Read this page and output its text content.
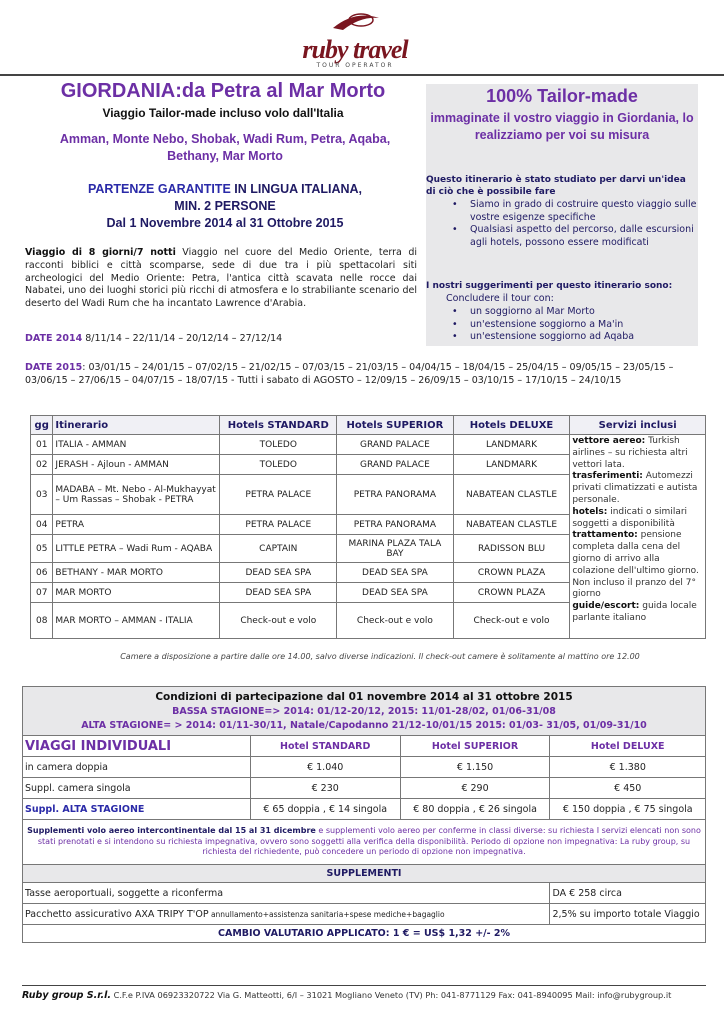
ruby travel
TOUR OPERATOR
GIORDANIA:da Petra al Mar Morto
Viaggio Tailor-made incluso volo dall'Italia
Amman, Monte Nebo, Shobak, Wadi Rum, Petra, Aqaba, Bethany, Mar Morto
PARTENZE GARANTITE IN LINGUA ITALIANA,
MIN. 2 PERSONE
Dal 1 Novembre 2014 al 31 Ottobre 2015
Viaggio di 8 giorni/7 notti Viaggio nel cuore del Medio Oriente, terra di racconti biblici e città scomparse, sede di due tra i più spettacolari siti archeologici del Medio Oriente: Petra, l'antica città scavata nelle rocce dai Nabatei, uno dei luoghi storici più ricchi di atmosfera e lo strabiliante scenario del deserto del Wadi Rum che ha incantato Lawrence d'Arabia.
DATE 2014 8/11/14 – 22/11/14 – 20/12/14 – 27/12/14
DATE 2015: 03/01/15 – 24/01/15 – 07/02/15 – 21/02/15 – 07/03/15 – 21/03/15 – 04/04/15 – 18/04/15 – 25/04/15 – 09/05/15 – 23/05/15 – 03/06/15 – 27/06/15 – 04/07/15 – 18/07/15 - Tutti i sabato di AGOSTO – 12/09/15 – 26/09/15 – 03/10/15 – 17/10/15 – 24/10/15
100% Tailor-made
immaginate il vostro viaggio in Giordania, lo realizziamo per voi su misura
Questo itinerario è stato studiato per darvi un'idea di ciò che è possibile fare
• Siamo in grado di costruire questo viaggio sulle vostre esigenze specifiche
• Qualsiasi aspetto del percorso, dalle escursioni agli hotels, possono essere modificati
I nostri suggerimenti per questo itinerario sono:
Concludere il tour con:
• un soggiorno al Mar Morto
• un'estensione soggiorno a Ma'in
• un'estensione soggiorno ad Aqaba
gg	Itinerario	Hotels STANDARD	Hotels SUPERIOR	Hotels DELUXE	Servizi inclusi
01	ITALIA - AMMAN	TOLEDO	GRAND PALACE	LANDMARK	vettore aereo: Turkish airlines – su richiesta altri vettori lata.
trasferimenti: Automezzi privati climatizzati e autista personale.
hotels: indicati o similari soggetti a disponibilità
trattamento: pensione completa dalla cena del giorno di arrivo alla colazione dell'ultimo giorno. Non incluso il pranzo del 7° giorno
guide/escort: guida locale parlante italiano
02	JERASH - Ajloun - AMMAN	TOLEDO	GRAND PALACE	LANDMARK	
03	MADABA – Mt. Nebo - Al-Mukhayyat – Um Rassas – Shobak - PETRA	PETRA PALACE	PETRA PANORAMA	NABATEAN CLASTLE	
04	PETRA	PETRA PALACE	PETRA PANORAMA	NABATEAN CLASTLE	
05	LITTLE PETRA – Wadi Rum - AQABA	CAPTAIN	MARINA PLAZA TALA BAY	RADISSON BLU	
06	BETHANY - MAR MORTO	DEAD SEA SPA	DEAD SEA SPA	CROWN PLAZA	
07	MAR MORTO	DEAD SEA SPA	DEAD SEA SPA	CROWN PLAZA	
08	MAR MORTO – AMMAN - ITALIA	Check-out e volo	Check-out e volo	Check-out e volo	
Camere a disposizione a partire dalle ore 14.00, salvo diverse indicazioni. Il check-out camere è solitamente al mattino ore 12.00
Condizioni di partecipazione dal 01 novembre 2014 al 31 ottobre 2015
BASSA STAGIONE=> 2014: 01/12-20/12, 2015: 11/01-28/02, 01/06-31/08
ALTA STAGIONE= > 2014: 01/11-30/11, Natale/Capodanno 21/12-10/01/15 2015: 01/03- 31/05, 01/09-31/10			
VIAGGI INDIVIDUALI	Hotel STANDARD	Hotel SUPERIOR	Hotel DELUXE
in camera doppia	€ 1.040	€ 1.150	€ 1.380
Suppl. camera singola	€ 230	€ 290	€ 450
Suppl. ALTA STAGIONE	€ 65 doppia , € 14 singola	€ 80 doppia , € 26 singola	€ 150 doppia , € 75 singola
Supplementi volo aereo intercontinentale dal 15 al 31 dicembre e supplementi volo aereo per conferme in classi diverse: su richiesta I servizi elencati non sono stati prenotati e si intendono su richiesta impegnativa, ovvero sono soggetti alla verifica della disponibilità. Periodo di opzione non impegnativa: La ruby group, su richiesta del richiedente, può concedere un periodo di opzione non impegnativa.			
SUPPLEMENTI			
Tasse aeroportuali, soggette a riconferma			DA € 258 circa
Pacchetto assicurativo AXA TRIPY T'OP annullamento+assistenza sanitaria+spese mediche+bagaglio			2,5% su importo totale Viaggio
CAMBIO VALUTARIO APPLICATO: 1 € = US$ 1,32 +/- 2%			
Ruby group S.r.l. C.F.e P.IVA 06923320722 Via G. Matteotti, 6/I – 31021 Mogliano Veneto (TV) Ph: 041-8771129 Fax: 041-8940095 Mail: info@rubygroup.it
